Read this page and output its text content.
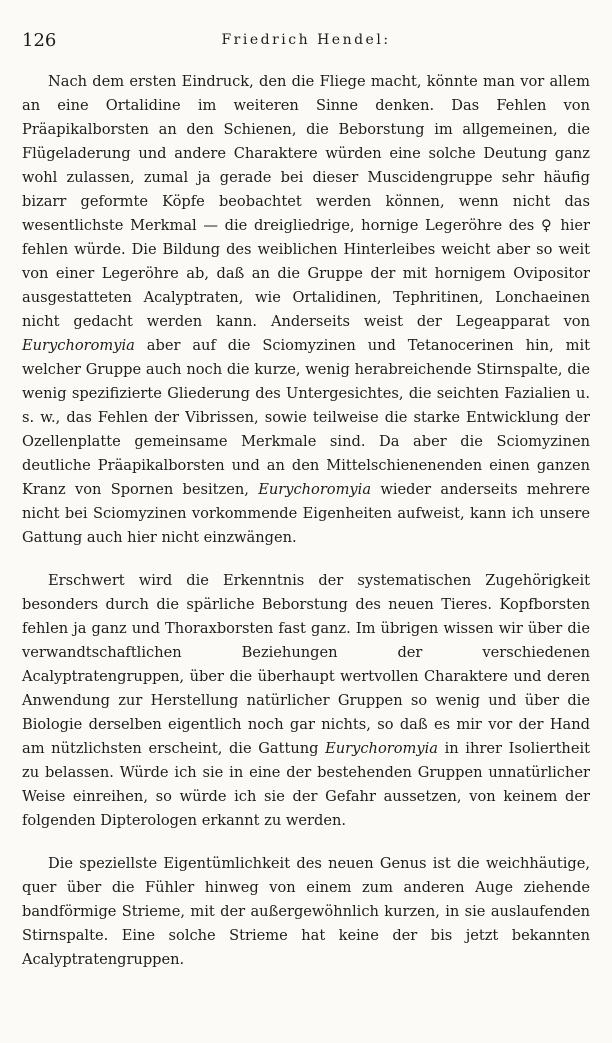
126	Friedrich Hendel:

Nach dem ersten Eindruck, den die Fliege macht, könnte man vor allem an eine Ortalidine im weiteren Sinne denken. Das Fehlen von Präapikalborsten an den Schienen, die Beborstung im allgemeinen, die Flügeladerung und andere Charaktere würden eine solche Deutung ganz wohl zulassen, zumal ja gerade bei dieser Muscidengruppe sehr häufig bizarr geformte Köpfe beobachtet werden können, wenn nicht das wesentlichste Merkmal — die dreigliedrige, hornige Legeröhre des ♀ hier fehlen würde. Die Bildung des weiblichen Hinterleibes weicht aber so weit von einer Legeröhre ab, daß an die Gruppe der mit hornigem Ovipositor ausgestatteten Acalyptraten, wie Ortalidinen, Tephritinen, Lonchaeinen nicht gedacht werden kann. Anderseits weist der Legeapparat von Eurychoromyia aber auf die Sciomyzinen und Tetanocerinen hin, mit welcher Gruppe auch noch die kurze, wenig herabreichende Stirnspalte, die wenig spezifizierte Gliederung des Untergesichtes, die seichten Fazialien u. s. w., das Fehlen der Vibrissen, sowie teilweise die starke Entwicklung der Ozellenplatte gemeinsame Merkmale sind. Da aber die Sciomyzinen deutliche Präapikalborsten und an den Mittelschienenenden einen ganzen Kranz von Spornen besitzen, Eurychoromyia wieder anderseits mehrere nicht bei Sciomyzinen vorkommende Eigenheiten aufweist, kann ich unsere Gattung auch hier nicht einzwängen.

Erschwert wird die Erkenntnis der systematischen Zugehörigkeit besonders durch die spärliche Beborstung des neuen Tieres. Kopfborsten fehlen ja ganz und Thoraxborsten fast ganz. Im übrigen wissen wir über die verwandtschaftlichen Beziehungen der verschiedenen Acalyptratengruppen, über die überhaupt wertvollen Charaktere und deren Anwendung zur Herstellung natürlicher Gruppen so wenig und über die Biologie derselben eigentlich noch gar nichts, so daß es mir vor der Hand am nützlichsten erscheint, die Gattung Eurychoromyia in ihrer Isoliertheit zu belassen. Würde ich sie in eine der bestehenden Gruppen unnatürlicher Weise einreihen, so würde ich sie der Gefahr aussetzen, von keinem der folgenden Dipterologen erkannt zu werden.

Die speziellste Eigentümlichkeit des neuen Genus ist die weichhäutige, quer über die Fühler hinweg von einem zum anderen Auge ziehende bandförmige Strieme, mit der außergewöhnlich kurzen, in sie auslaufenden Stirnspalte. Eine solche Strieme hat keine der bis jetzt bekannten Acalyptratengruppen.
